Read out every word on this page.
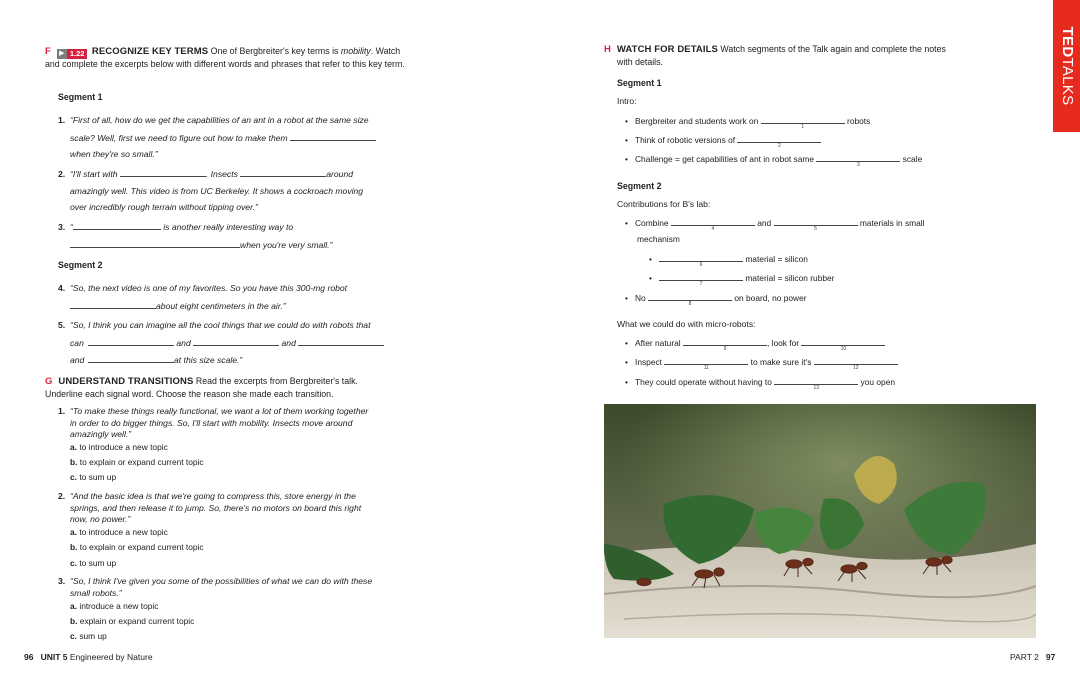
F	▶ 1.22 RECOGNIZE KEY TERMS One of Bergbreiter's key terms is mobility. Watch and complete the excerpts below with different words and phrases that refer to this key term.
Segment 1
1. “First of all, how do we get the capabilities of an ant in a robot at the same size
scale? Well, first we need to figure out how to make them
when they're so small.”
2. “I'll start with	. Insects	around
amazingly well. This video is from UC Berkeley. It shows a cockroach moving
over incredibly rough terrain without tipping over.”
3. “	is another really interesting way to
when you're very small.”
Segment 2
4. “So, the next video is one of my favorites. So you have this 300-mg robot
about eight centimeters in the air.”
5. “So, I think you can imagine all the cool things that we could do with robots that
can	and	and
and	at this size scale.”
G UNDERSTAND TRANSITIONS Read the excerpts from Bergbreiter's talk. Underline each signal word. Choose the reason she made each transition.
1. “To make these things really functional, we want a lot of them working together
in order to do bigger things. So, I'll start with mobility. Insects move around
amazingly well.”
a. to introduce a new topic
b. to explain or expand current topic
c. to sum up
2. “And the basic idea is that we're going to compress this, store energy in the
springs, and then release it to jump. So, there's no motors on board this right
now, no power.”
a. to introduce a new topic
b. to explain or expand current topic
c. to sum up
3. “So, I think I've given you some of the possibilities of what we can do with these
small robots.”
a. introduce a new topic
b. explain or expand current topic
c. sum up
96 UNIT 5 Engineered by Nature
H WATCH FOR DETAILS Watch segments of the Talk again and complete the notes
with details.
Segment 1
Intro:
• Bergbreiter and students work on
1
robots
• Think of robotic versions of
2
• Challenge = get capabilities of ant in robot same
3
scale
Segment 2
Contributions for B's lab:
• Combine
4
and
5
materials in small
mechanism
•
6
material = silicon
•
7
material = silicon rubber
• No
8
on board, no power
What we could do with micro-robots:
• After natural
9
, look for
10
• Inspect
11
to make sure it's
12
• They could operate without having to
13
you open
TEDTALKS
PART 2 97
